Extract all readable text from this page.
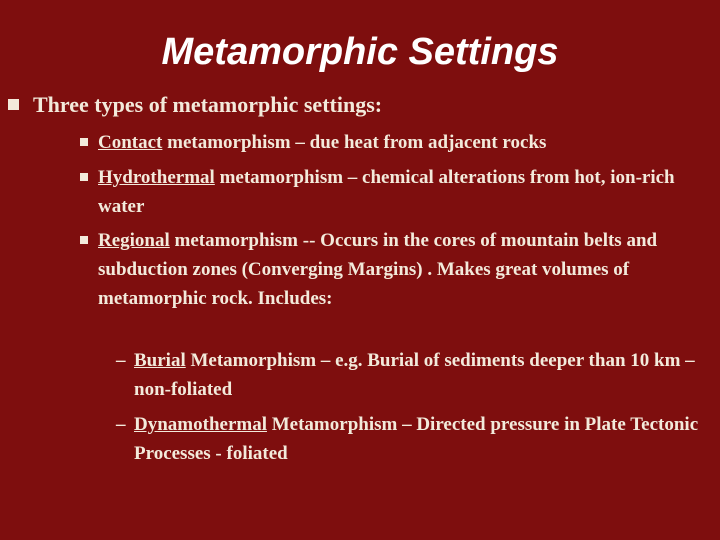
Metamorphic Settings
Three types of metamorphic settings:
Contact metamorphism – due heat from adjacent rocks
Hydrothermal metamorphism – chemical alterations from hot, ion-rich water
Regional metamorphism -- Occurs in the cores of mountain belts and subduction zones (Converging Margins) . Makes great volumes of metamorphic rock. Includes:
– Burial Metamorphism – e.g. Burial of sediments deeper than 10 km – non-foliated
– Dynamothermal Metamorphism – Directed pressure in Plate Tectonic Processes - foliated
